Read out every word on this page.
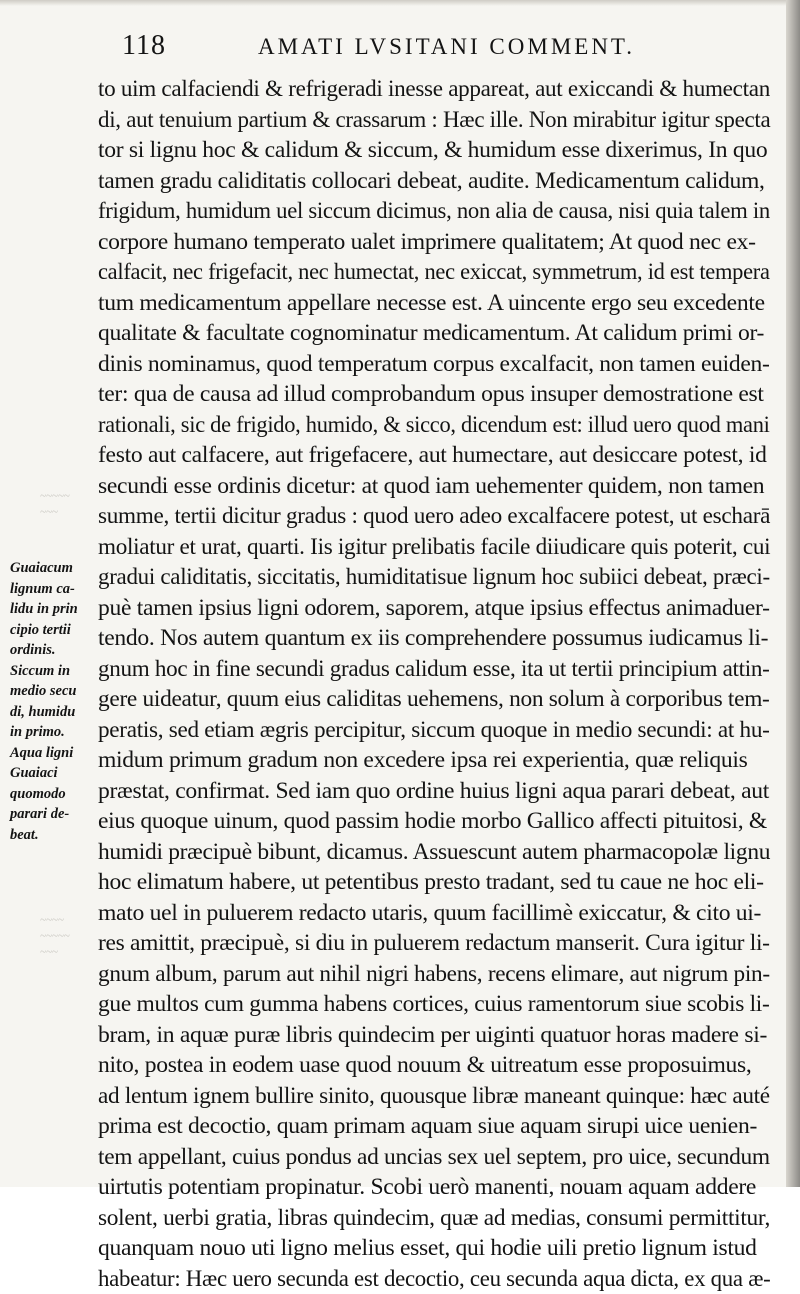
118	AMATI LVSITANI COMMENT.
~~~~~
~~~
~~~~
~~~~~
~~~
Guaiacum
lignum ca-
lidu in prin
cipio tertii
ordinis.
Siccum in
medio secu
di, humidu
in primo.
Aqua ligni
Guaiaci
quomodo
parari de-
beat.
to uim calfaciendi & refrigeradi inesse appareat, aut exiccandi & humectan
di, aut tenuium partium & crassarum : Hæc ille. Non mirabitur igitur specta
tor si lignu hoc & calidum & siccum, & humidum esse dixerimus, In quo
tamen gradu caliditatis collocari debeat, audite. Medicamentum calidum,
frigidum, humidum uel siccum dicimus, non alia de causa, nisi quia talem in
corpore humano temperato ualet imprimere qualitatem; At quod nec ex-
calfacit, nec frigefacit, nec humectat, nec exiccat, symmetrum, id est tempera
tum medicamentum appellare necesse est. A uincente ergo seu excedente
qualitate & facultate cognominatur medicamentum. At calidum primi or-
dinis nominamus, quod temperatum corpus excalfacit, non tamen euiden-
ter: qua de causa ad illud comprobandum opus insuper demostratione est
rationali, sic de frigido, humido, & sicco, dicendum est: illud uero quod mani
festo aut calfacere, aut frigefacere, aut humectare, aut desiccare potest, id
secundi esse ordinis dicetur: at quod iam uehementer quidem, non tamen
summe, tertii dicitur gradus : quod uero adeo excalfacere potest, ut escharā
moliatur et urat, quarti. Iis igitur prelibatis facile diiudicare quis poterit, cui
gradui caliditatis, siccitatis, humiditatisue lignum hoc subiici debeat, præci-
puè tamen ipsius ligni odorem, saporem, atque ipsius effectus animaduer-
tendo. Nos autem quantum ex iis comprehendere possumus iudicamus li-
gnum hoc in fine secundi gradus calidum esse, ita ut tertii principium attin-
gere uideatur, quum eius caliditas uehemens, non solum à corporibus tem-
peratis, sed etiam ægris percipitur, siccum quoque in medio secundi: at hu-
midum primum gradum non excedere ipsa rei experientia, quæ reliquis
præstat, confirmat. Sed iam quo ordine huius ligni aqua parari debeat, aut
eius quoque uinum, quod passim hodie morbo Gallico affecti pituitosi, &
humidi præcipuè bibunt, dicamus. Assuescunt autem pharmacopolæ lignu
hoc elimatum habere, ut petentibus presto tradant, sed tu caue ne hoc eli-
mato uel in puluerem redacto utaris, quum facillimè exiccatur, & cito ui-
res amittit, præcipuè, si diu in puluerem redactum manserit. Cura igitur li-
gnum album, parum aut nihil nigri habens, recens elimare, aut nigrum pin-
gue multos cum gumma habens cortices, cuius ramentorum siue scobis li-
bram, in aquæ puræ libris quindecim per uiginti quatuor horas madere si-
nito, postea in eodem uase quod nouum & uitreatum esse proposuimus,
ad lentum ignem bullire sinito, quousque libræ maneant quinque: hæc auté
prima est decoctio, quam primam aquam siue aquam sirupi uice uenien-
tem appellant, cuius pondus ad uncias sex uel septem, pro uice, secundum
uirtutis potentiam propinatur. Scobi uerò manenti, nouam aquam addere
solent, uerbi gratia, libras quindecim, quæ ad medias, consumi permittitur,
quanquam nouo uti ligno melius esset, qui hodie uili pretio lignum istud
habeatur: Hæc uero secunda est decoctio, ceu secunda aqua dicta, ex qua æ-
